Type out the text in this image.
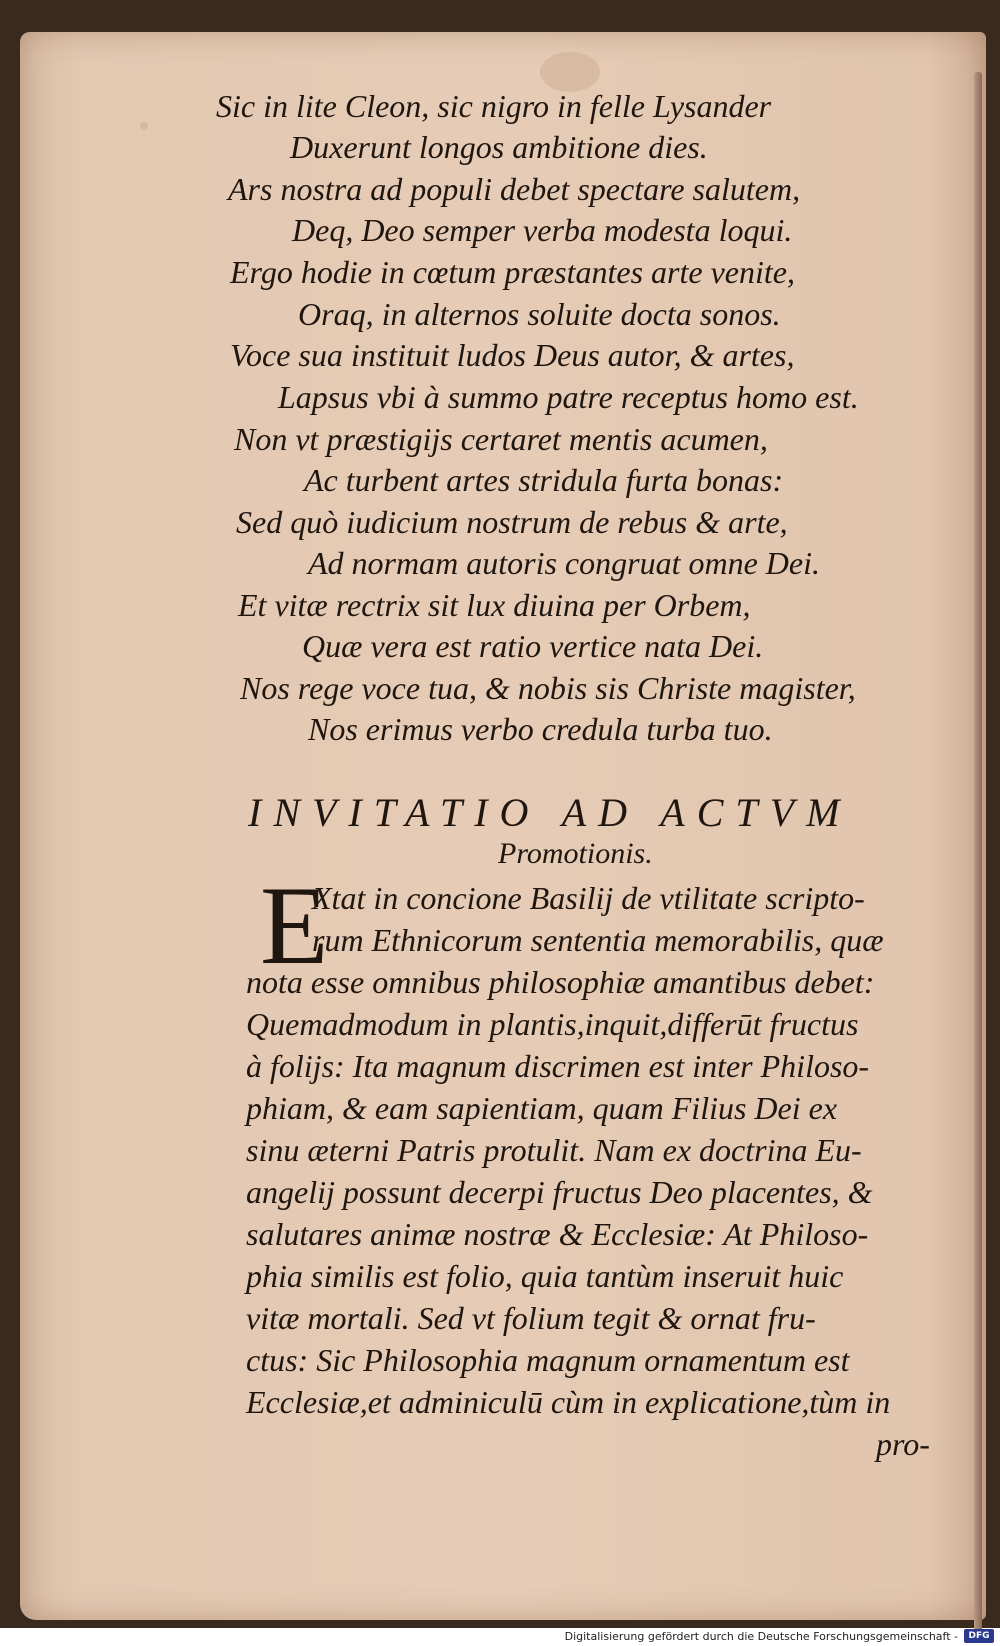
Sic in lite Cleon, sic nigro in felle Lysander
Duxerunt longos ambitione dies.
Ars nostra ad populi debet spectare salutem,
Deq, Deo semper verba modesta loqui.
Ergo hodie in cœtum præstantes arte venite,
Oraq, in alternos soluite docta sonos.
Voce sua instituit ludos Deus autor, & artes,
Lapsus vbi à summo patre receptus homo est.
Non vt præstigijs certaret mentis acumen,
Ac turbent artes stridula furta bonas:
Sed quò iudicium nostrum de rebus & arte,
Ad normam autoris congruat omne Dei.
Et vitæ rectrix sit lux diuina per Orbem,
Quæ vera est ratio vertice nata Dei.
Nos rege voce tua, & nobis sis Christe magister,
Nos erimus verbo credula turba tuo.
INVITATIO AD ACTVM
Promotionis.
E
Xtat in concione Basilij de vtilitate scripto-
rum Ethnicorum sententia memorabilis, quæ
nota esse omnibus philosophiæ amantibus debet:
Quemadmodum in plantis,inquit,differūt fructus
à folijs: Ita magnum discrimen est inter Philoso-
phiam, & eam sapientiam, quam Filius Dei ex
sinu æterni Patris protulit. Nam ex doctrina Eu-
angelij possunt decerpi fructus Deo placentes, &
salutares animæ nostræ & Ecclesiæ: At Philoso-
phia similis est folio, quia tantùm inseruit huic
vitæ mortali. Sed vt folium tegit & ornat fru-
ctus: Sic Philosophia magnum ornamentum est
Ecclesiæ,et adminiculū cùm in explicatione,tùm in
pro-
Digitalisierung gefördert durch die Deutsche Forschungsgemeinschaft -	DFG
